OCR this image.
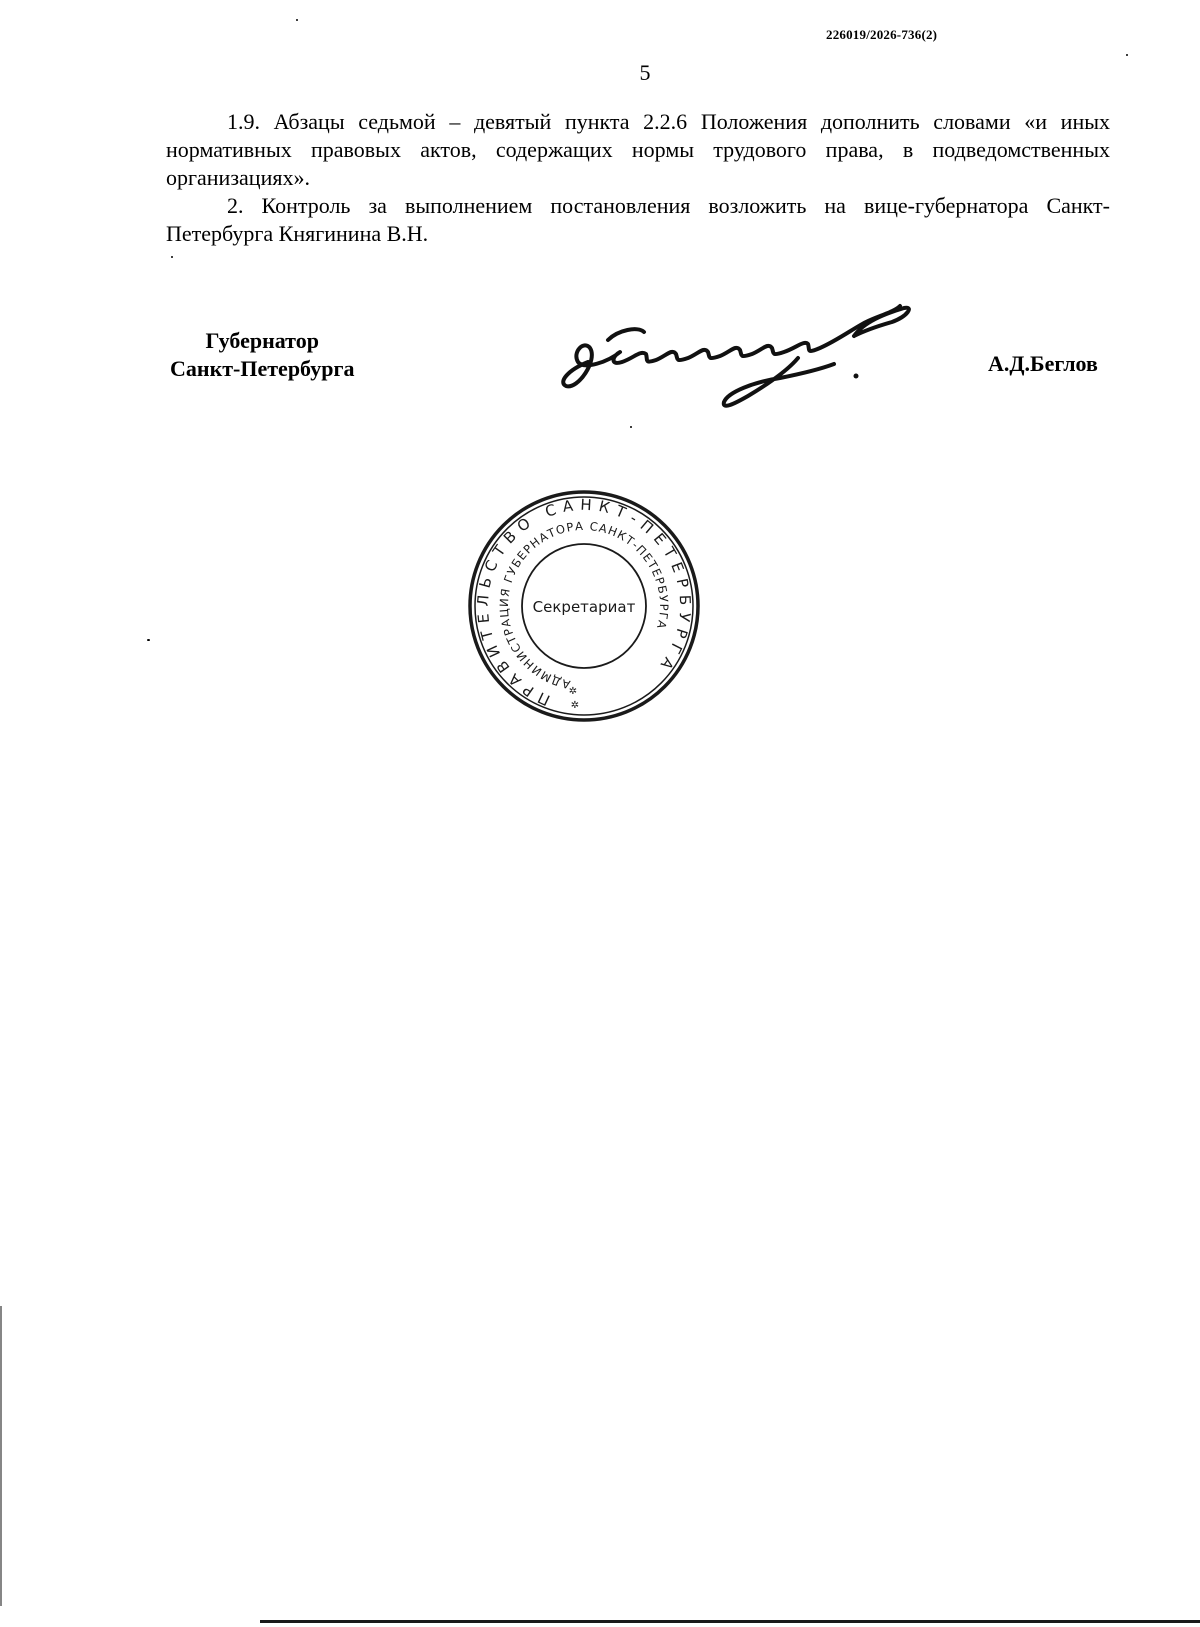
226019/2026-736(2)
5

1.9. Абзацы седьмой – девятый пункта 2.2.6 Положения дополнить словами «и иных нормативных правовых актов, содержащих нормы трудового права, в подведомственных организациях».

2. Контроль за выполнением постановления возложить на вице-губернатора Санкт-Петербурга Княгинина В.Н.

Губернатор
Санкт-Петербурга	А.Д.Беглов
ПРАВИТЕЛЬСТВО САНКТ-ПЕТЕРБУРГА
АДМИНИСТРАЦИЯ ГУБЕРНАТОРА САНКТ-ПЕТЕРБУРГА
Секретариат
✲
✲
